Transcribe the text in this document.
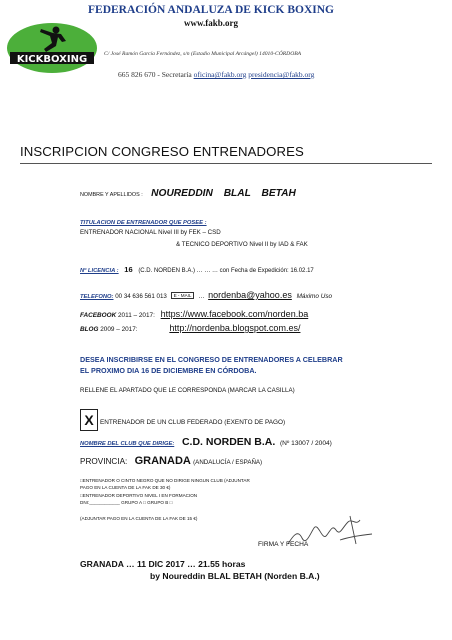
KICKBOXING
FEDERACIÓN ANDALUZA DE KICK BOXING
www.fakb.org
C/ José Ramón García Fernández, s/n (Estadio Municipal Arcángel) 14010-CÓRDOBA
665 826 670 - Secretaría oficina@fakb.org presidencia@fakb.org
INSCRIPCION CONGRESO ENTRENADORES
NOMBRE Y APELLIDOS : NOUREDDIN BLAL BETAH
TITULACION DE ENTRENADOR QUE POSEE :
ENTRENADOR NACIONAL Nivel III by FEK – CSD
& TECNICO DEPORTIVO Nivel II by IAD & FAK
Nº LICENCIA : 16 (C.D. NORDEN B.A.) … … … con Fecha de Expedición: 16.02.17
TELEFONO: 00 34 636 561 013 E - MAIL … nordenba@yahoo.es Máximo Uso
FACEBOOK 2011 – 2017: https://www.facebook.com/norden.ba
BLOG 2009 – 2017:	http://nordenba.blogspot.com.es/
DESEA INSCRIBIRSE EN EL CONGRESO DE ENTRENADORES A CELEBRAR
EL PROXIMO DIA 16 DE DICIEMBRE EN CÓRDOBA.
RELLENE EL APARTADO QUE LE CORRESPONDA (MARCAR LA CASILLA)
X ENTRENADOR DE UN CLUB FEDERADO (EXENTO DE PAGO)
NOMBRE DEL CLUB QUE DIRIGE: C.D. NORDEN B.A. (Nº 13007 / 2004)
PROVINCIA: GRANADA (ANDALUCÍA / ESPAÑA)
□ENTRENADOR O CINTO NEGRO QUE NO DIRIGE NINGUN CLUB (ADJUNTAR
PAGO EN LA CUENTA DE LA FAK DE 30 €)
□ENTRENADOR DEPORTIVO NIVEL I EN FORMACION
DNI:____________ GRUPO A □ GRUPO B □
(ADJUNTAR PAGO EN LA CUENTA DE LA FAK DE 15 €)
FIRMA Y FECHA
GRANADA … 11 DIC 2017 … 21.55 horas
by Noureddin BLAL BETAH (Norden B.A.)
